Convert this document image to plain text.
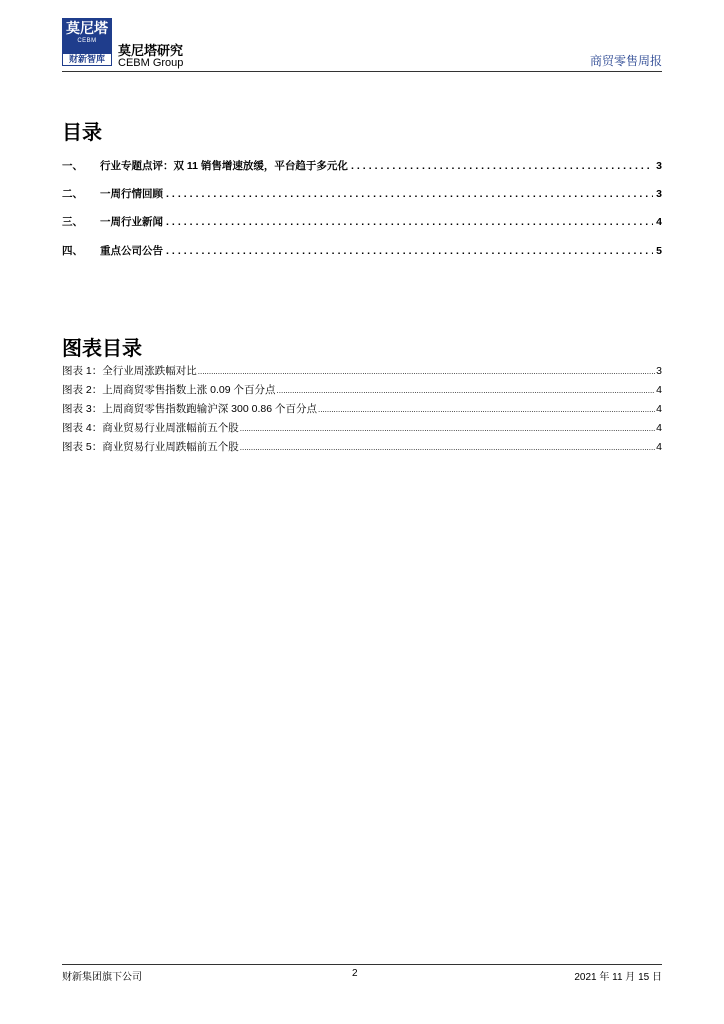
莫尼塔
CEBM
财新智库
莫尼塔研究
CEBM Group	商贸零售周报
目录
一、	行业专题点评：双 11 销售增速放缓，平台趋于多元化 .....	3
二、	一周行情回顾 .....	3
三、	一周行业新闻 .....	4
四、	重点公司公告 .....	5
图表目录
图表 1：全行业周涨跌幅对比 .....	3
图表 2：上周商贸零售指数上涨 0.09 个百分点 .....	4
图表 3：上周商贸零售指数跑输沪深 300 0.86 个百分点 .....	4
图表 4：商业贸易行业周涨幅前五个股 .....	4
图表 5：商业贸易行业周跌幅前五个股 .....	4
财新集团旗下公司	2	2021 年 11 月 15 日
